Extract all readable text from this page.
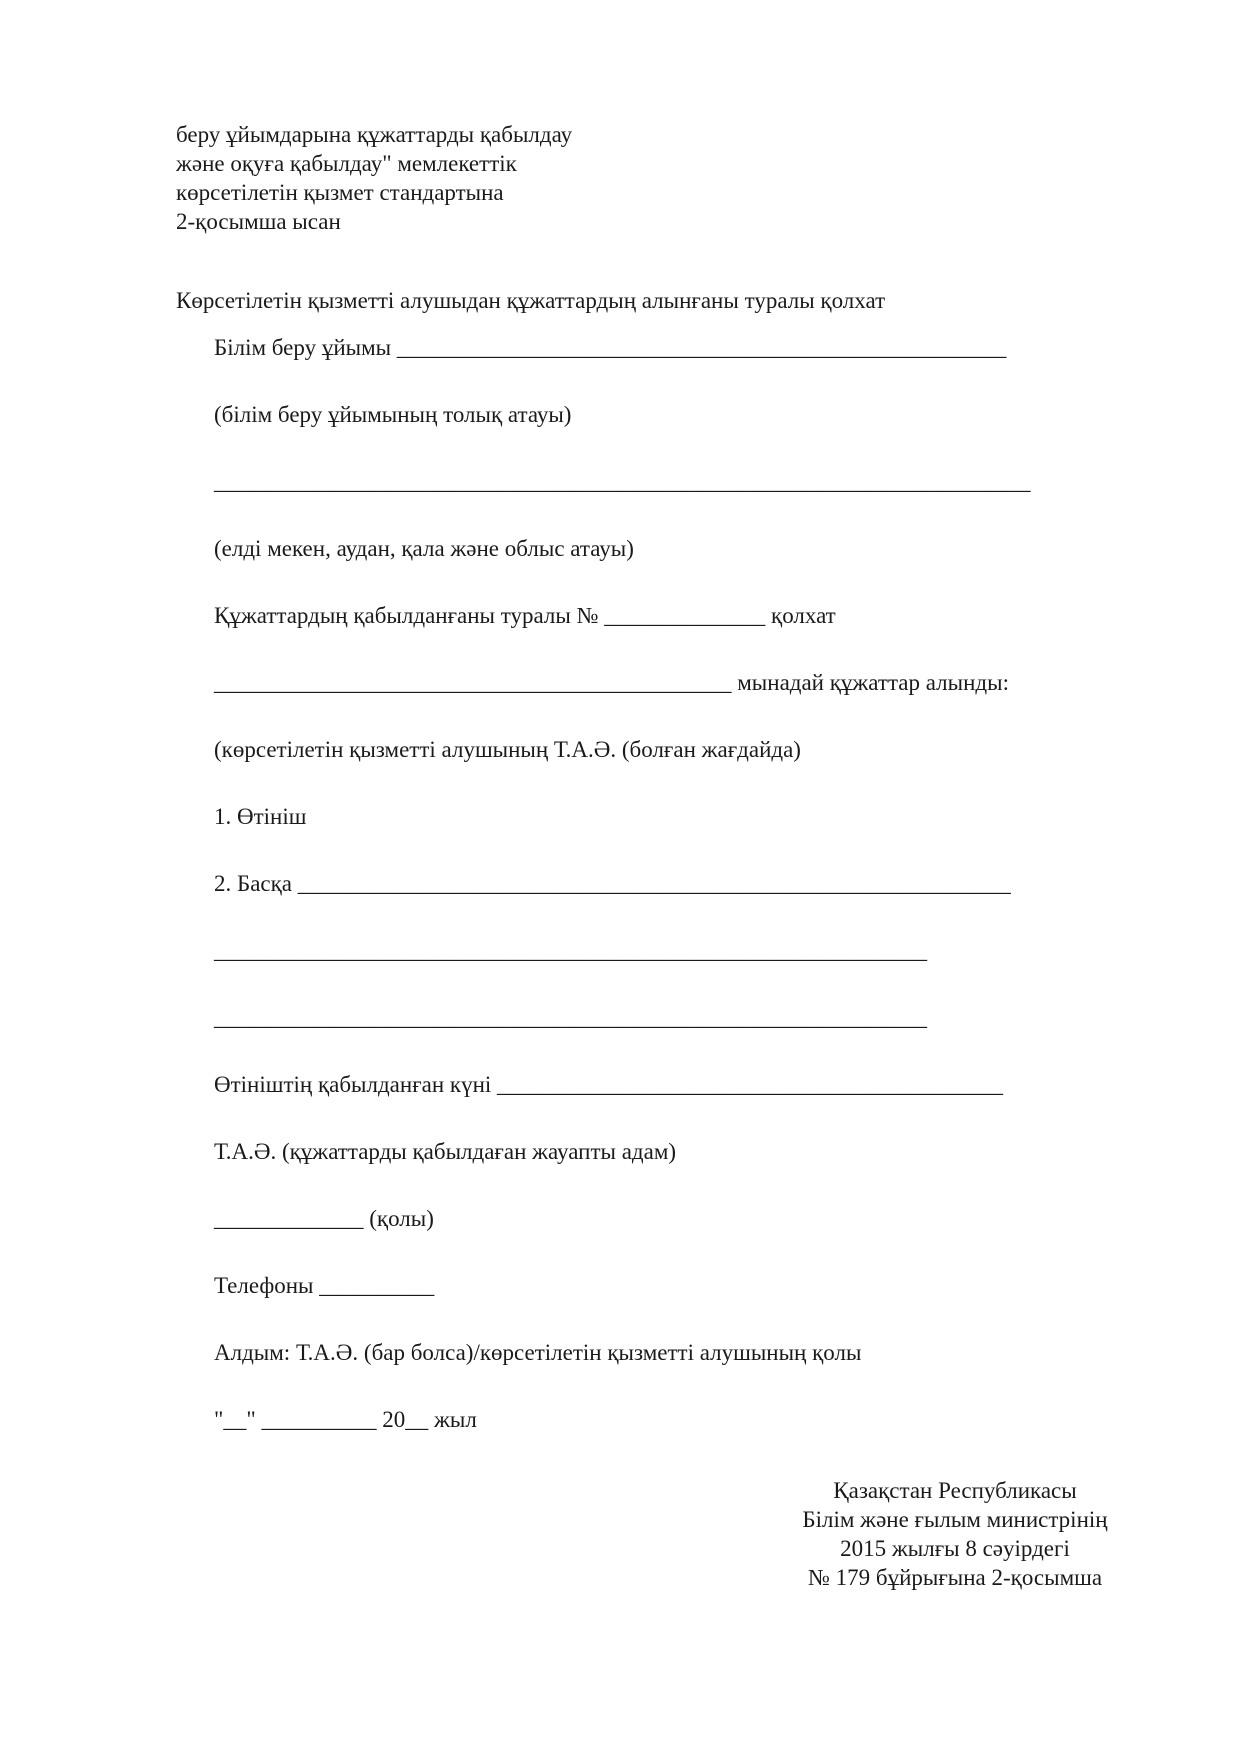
беру ұйымдарына құжаттарды қабылдау
және оқуға қабылдау" мемлекеттік
көрсетілетін қызмет стандартына
2-қосымша ысан
Көрсетілетін қызметті алушыдан құжаттардың алынғаны туралы қолхат
Білім беру ұйымы _____________________________________________________
(білім беру ұйымының толық атауы)
_______________________________________________________________________
(елді мекен, аудан, қала және облыс атауы)
Құжаттардың қабылданғаны туралы № ______________ қолхат
_____________________________________________ мынадай құжаттар алынды:
(көрсетілетін қызметті алушының Т.А.Ә. (болған жағдайда)
1. Өтініш
2. Басқа ______________________________________________________________
______________________________________________________________
______________________________________________________________
Өтініштің қабылданған күні ____________________________________________
Т.А.Ә. (құжаттарды қабылдаған жауапты адам)
_____________ (қолы)
Телефоны __________
Алдым: Т.А.Ә. (бар болса)/көрсетілетін қызметті алушының қолы
"__" __________ 20__ жыл
Қазақстан Республикасы
Білім және ғылым министрінің
2015 жылғы 8 сәуірдегі
№ 179 бұйрығына 2-қосымша
